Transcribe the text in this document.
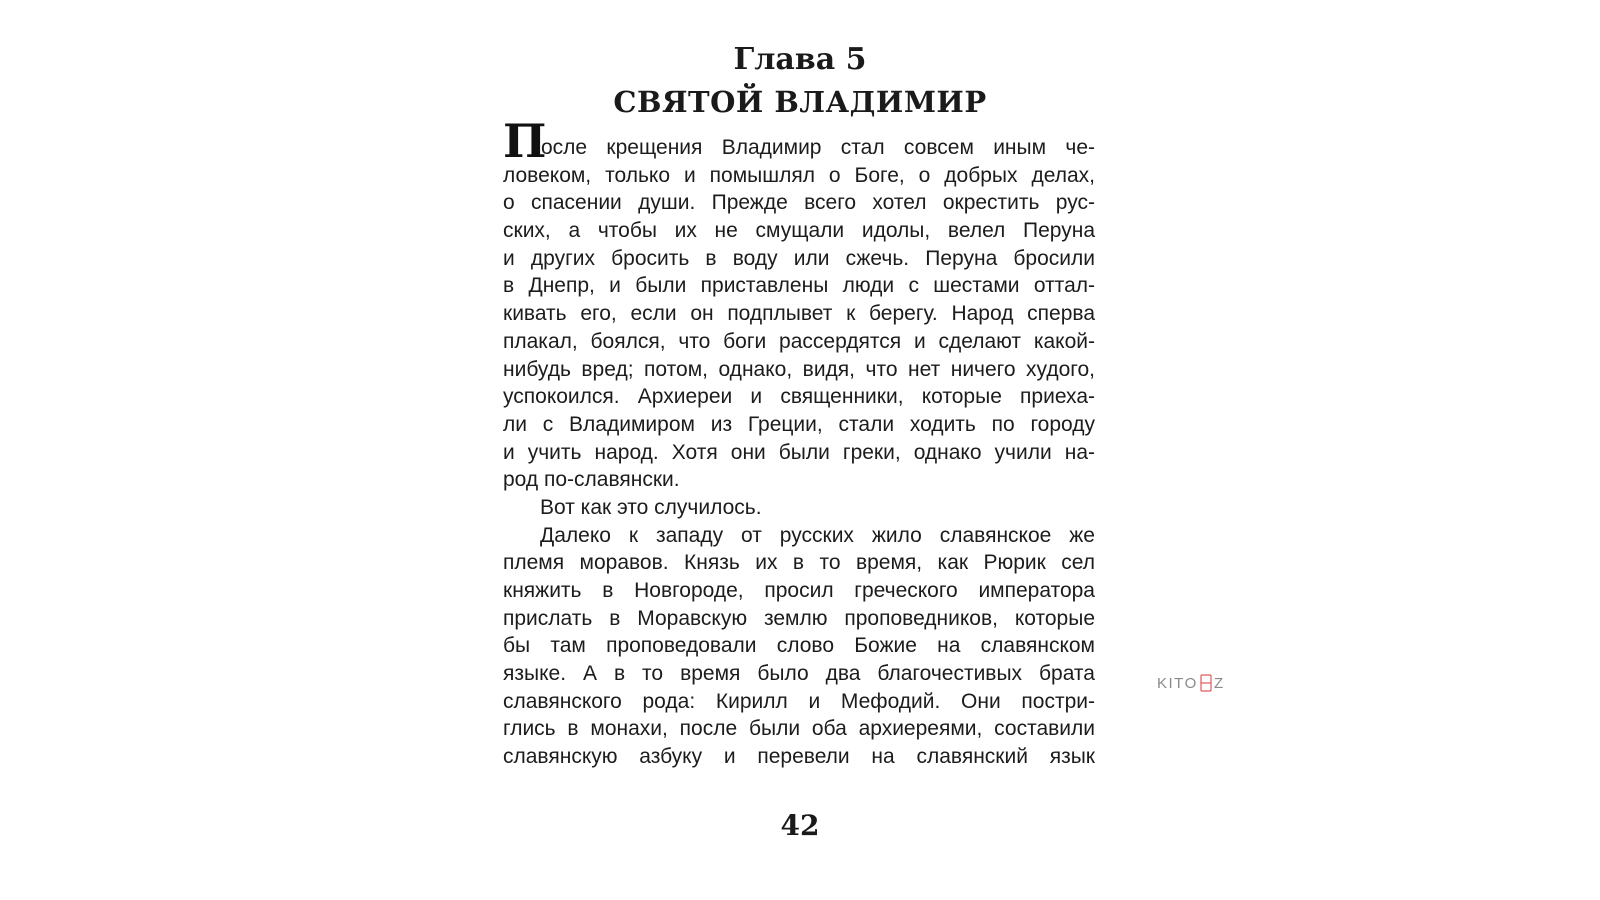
Глава 5
СВЯТОЙ ВЛАДИМИР
П
осле крещения Владимир стал совсем иным че-
ловеком, только и помышлял о Боге, о добрых делах,
о спасении души. Прежде всего хотел окрестить рус-
ских, а чтобы их не смущали идолы, велел Перуна
и других бросить в воду или сжечь. Перуна бросили
в Днепр, и были приставлены люди с шестами оттал-
кивать его, если он подплывет к берегу. Народ сперва
плакал, боялся, что боги рассердятся и сделают какой-
нибудь вред; потом, однако, видя, что нет ничего худого,
успокоился. Архиереи и священники, которые приеха-
ли с Владимиром из Греции, стали ходить по городу
и учить народ. Хотя они были греки, однако учили на-
род по-славянски.
Вот как это случилось.
Далеко к западу от русских жило славянское же
племя моравов. Князь их в то время, как Рюрик сел
княжить в Новгороде, просил греческого императора
прислать в Моравскую землю проповедников, которые
бы там проповедовали слово Божие на славянском
языке. А в то время было два благочестивых брата
славянского рода: Кирилл и Мефодий. Они постри-
глись в монахи, после были оба архиереями, составили
славянскую азбуку и перевели на славянский язык
42
KITO Z
